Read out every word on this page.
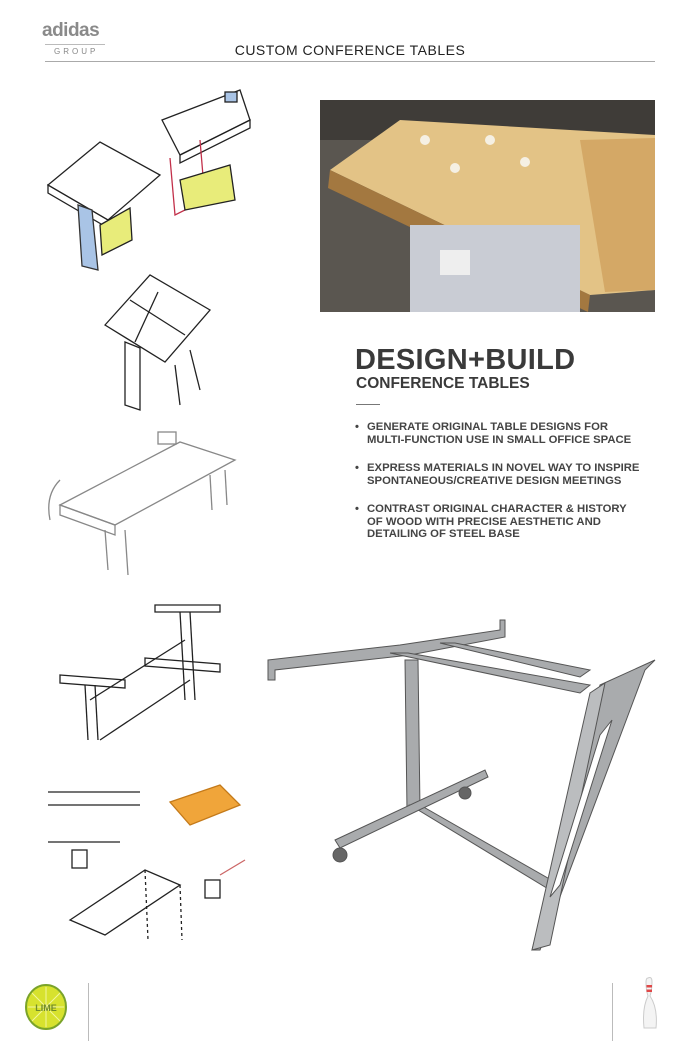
adidas
GROUP	CUSTOM CONFERENCE TABLES
DESIGN+BUILD
CONFERENCE TABLES
• GENERATE ORIGINAL TABLE DESIGNS FOR MULTI-FUNCTION USE IN SMALL OFFICE SPACE
• EXPRESS MATERIALS IN NOVEL WAY TO INSPIRE SPONTANEOUS/CREATIVE DESIGN MEETINGS
• CONTRAST ORIGINAL CHARACTER & HISTORY OF WOOD WITH PRECISE AESTHETIC AND DETAILING OF STEEL BASE
LIME
